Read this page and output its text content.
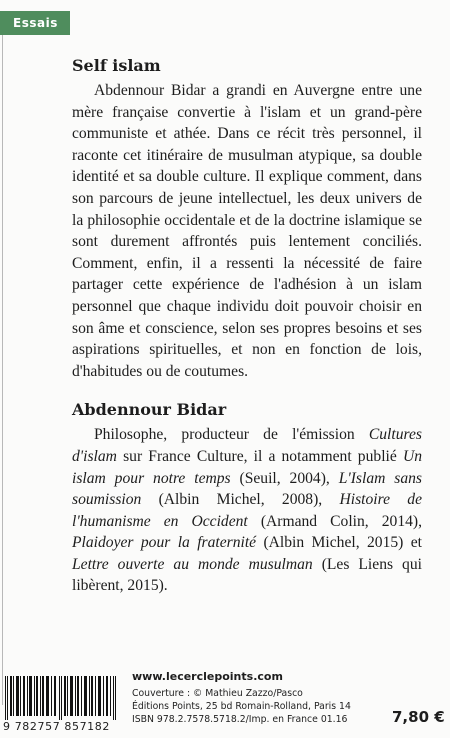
Essais
Self islam

Abdennour Bidar a grandi en Auvergne entre une mère française convertie à l'islam et un grand-père communiste et athée. Dans ce récit très personnel, il raconte cet itinéraire de musulman atypique, sa double identité et sa double culture. Il explique comment, dans son parcours de jeune intellectuel, les deux univers de la philosophie occidentale et de la doctrine islamique se sont durement affrontés puis lentement conciliés. Comment, enfin, il a ressenti la nécessité de faire partager cette expérience de l'adhésion à un islam personnel que chaque individu doit pouvoir choisir en son âme et conscience, selon ses propres besoins et ses aspirations spirituelles, et non en fonction de lois, d'habitudes ou de coutumes.

Abdennour Bidar

Philosophe, producteur de l'émission Cultures d'islam sur France Culture, il a notamment publié Un islam pour notre temps (Seuil, 2004), L'Islam sans soumission (Albin Michel, 2008), Histoire de l'humanisme en Occident (Armand Colin, 2014), Plaidoyer pour la fraternité (Albin Michel, 2015) et Lettre ouverte au monde musulman (Les Liens qui libèrent, 2015).

9 782757 857182
www.lecerclepoints.com
Couverture : © Mathieu Zazzo/Pasco
Éditions Points, 25 bd Romain-Rolland, Paris 14
ISBN 978.2.7578.5718.2/Imp. en France 01.16	7,80 €
